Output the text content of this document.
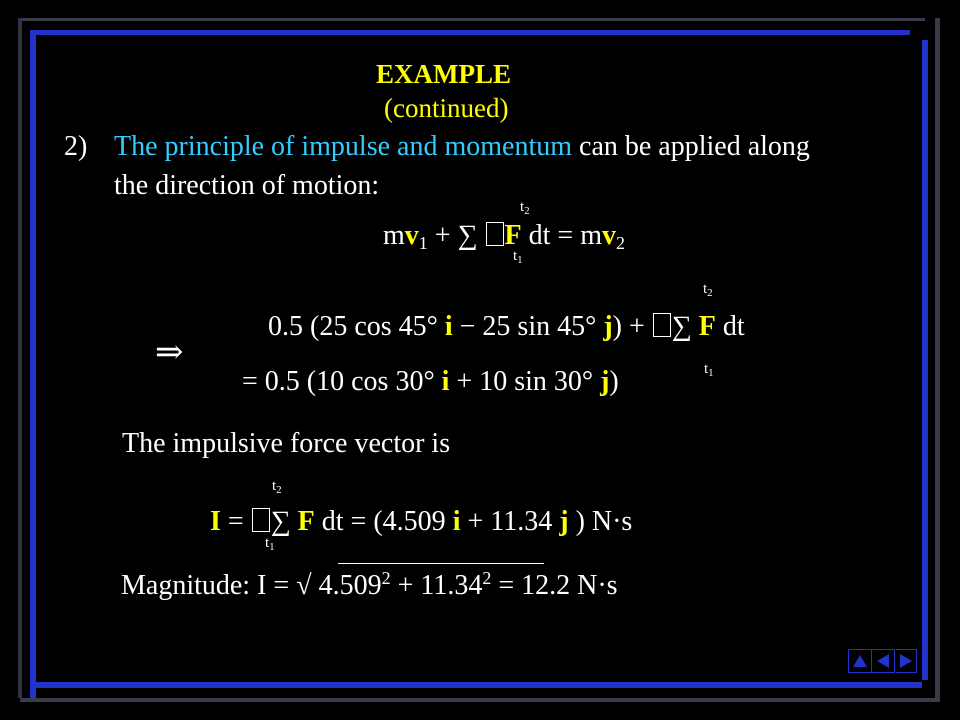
EXAMPLE
(continued)
2) The principle of impulse and momentum can be applied along
the direction of motion:
$t_2$
$mv_1$ + ∑ F dt = $mv_2$
$t_1$
⇒
$t_2$
0.5 (25 cos 45° i − 25 sin 45° j) + ∑ F dt
$t_1$
= 0.5 (10 cos 30° i + 10 sin 30° j)
The impulsive force vector is
$t_2$
I = ∑ F dt = (4.509 i + 11.34 j ) N·s
$t_1$
Magnitude: I = √ $4.509^2 + 11.34^2 = 12.2$ N·s
